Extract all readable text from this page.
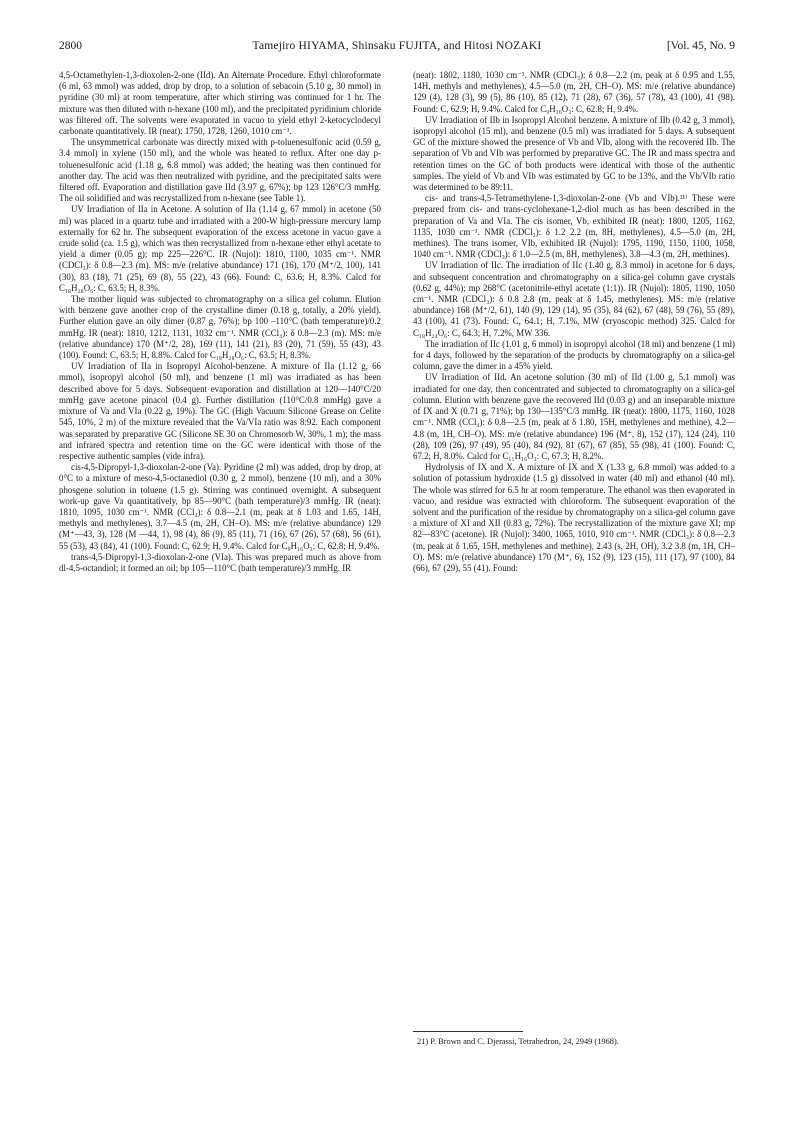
2800	Tamejiro HIYAMA, Shinsaku FUJITA, and Hitosi NOZAKI	[Vol. 45, No. 9

4,5-Octamethylen-1,3-dioxolen-2-one (IId). An Alternate Procedure. Ethyl chloroformate (6 ml, 63 mmol) was added, drop by drop, to a solution of sebacoin (5.10 g, 30 mmol) in pyridine (30 ml) at room temperature, after which stirring was continued for 1 hr. The mixture was then diluted with n-hexane (100 ml), and the precipitated pyridinium chloride was filtered off. The solvents were evaporated in vacuo to yield ethyl 2-ketocyclodecyl carbonate quantitatively. IR (neat): 1750, 1728, 1260, 1010 cm⁻¹.

The unsymmetrical carbonate was directly mixed with p-toluenesulfonic acid (0.59 g, 3.4 mmol) in xylene (150 ml), and the whole was heated to reflux. After one day p-toluenesulfonic acid (1.18 g, 6.8 mmol) was added; the heating was then continued for another day. The acid was then neutralized with pyridine, and the precipitated salts were filtered off. Evaporation and distillation gave IId (3.97 g, 67%); bp 123 126°C/3 mmHg. The oil solidified and was recrystallized from n-hexane (see Table 1).

UV Irradiation of IIa in Acetone. A solution of IIa (1.14 g, 67 mmol) in acetone (50 ml) was placed in a quartz tube and irradiated with a 200-W high-pressure mercury lamp externally for 62 hr. The subsequent evaporation of the excess acetone in vacuo gave a crude solid (ca. 1.5 g), which was then recrystallized from n-hexane ether ethyl acetate to yield a dimer (0.05 g); mp 225—226°C. IR (Nujol): 1810, 1100, 1035 cm⁻¹. NMR (CDCl₃): δ 0.8—2.3 (m). MS: m/e (relative abundance) 171 (16), 170 (M⁺/2, 100), 141 (30), 83 (18), 71 (25), 69 (8), 55 (22), 43 (66). Found: C, 63.6; H, 8.3%. Calcd for C₁₈H₂₈O₆: C, 63.5; H, 8.3%.

The mother liquid was subjected to chromatography on a silica gel column. Elution with benzene gave another crop of the crystalline dimer (0.18 g, totally, a 20% yield). Further elution gave an oily dimer (0.87 g, 76%); bp 100 –110°C (bath temperature)/0.2 mmHg. IR (neat): 1810, 1212, 1131, 1032 cm⁻¹. NMR (CCl₄): δ 0.8—2.3 (m). MS: m/e (relative abundance) 170 (M⁺/2, 28), 169 (11), 141 (21), 83 (20), 71 (59), 55 (43), 43 (100). Found: C, 63.5; H, 8.8%. Calcd for C₁₈H₂₈O₆: C, 63.5; H, 8.3%.

UV Irradiation of IIa in Isopropyl Alcohol-benzene. A mixture of IIa (1.12 g, 66 mmol), isopropyl alcohol (50 ml), and benzene (1 ml) was irradiated as has been described above for 5 days. Subsequent evaporation and distillation at 120—140°C/20 mmHg gave acetone pinacol (0.4 g). Further distillation (110°C/0.8 mmHg) gave a mixture of Va and VIa (0.22 g, 19%). The GC (High Vacuum Silicone Grease on Celite 545, 10%, 2 m) of the mixture revealed that the Va/VIa ratio was 8:92. Each component was separated by preparative GC (Silicone SE 30 on Chromosorb W, 30%, 1 m); the mass and infrared spectra and retention time on the GC were identical with those of the respective authentic samples (vide infra).

cis-4,5-Dipropyl-1,3-dioxolan-2-one (Va). Pyridine (2 ml) was added, drop by drop, at 0°C to a mixture of meso-4,5-octanediol (0.30 g, 2 mmol), benzene (10 ml), and a 30% phosgene solution in toluene (1.5 g). Stirring was continued overnight. A subsequent work-up gave Va quantitatively, bp 85—90°C (bath temperature)/3 mmHg. IR (neat): 1810, 1095, 1030 cm⁻¹. NMR (CCl₄): δ 0.8—2.1 (m, peak at δ 1.03 and 1.65, 14H, methyls and methylenes), 3.7—4.5 (m, 2H, CH–O). MS: m/e (relative abundance) 129 (M⁺—43, 3), 128 (M —44, 1), 98 (4), 86 (9), 85 (11), 71 (16), 67 (26), 57 (68), 56 (61), 55 (53), 43 (84), 41 (100). Found: C, 62.9; H, 9.4%. Calcd for C₉H₁₆O₃: C, 62.8; H, 9.4%.

trans-4,5-Dipropyl-1,3-dioxolan-2-one (VIa). This was prepared much as above from dl-4,5-octandiol; it formed an oil; bp 105—110°C (bath temperature)/3 mmHg. IR

(neat): 1802, 1180, 1030 cm⁻¹. NMR (CDCl₃): δ 0.8—2.2 (m, peak at δ 0.95 and 1.55, 14H, methyls and methylenes), 4.5—5.0 (m, 2H, CH–O). MS: m/e (relative abundance) 129 (4), 128 (3), 99 (5), 86 (10), 85 (12), 71 (28), 67 (36), 57 (78), 43 (100), 41 (98). Found: C, 62.9; H, 9.4%. Calcd for C₉H₁₆O₃: C, 62.8; H, 9.4%.

UV Irradiation of IIb in Isopropyl Alcohol benzene. A mixture of IIb (0.42 g, 3 mmol), isopropyl alcohol (15 ml), and benzene (0.5 ml) was irradiated for 5 days. A subsequent GC of the mixture showed the presence of Vb and VIb, along with the recovered IIb. The separation of Vb and VIb was performed by preparative GC. The IR and mass spectra and retention times on the GC of both products were identical with those of the authentic samples. The yield of Vb and VIb was estimated by GC to be 13%, and the Vb/VIb ratio was determined to be 89:11.

cis- and trans-4,5-Tetramethylene-1,3-dioxolan-2-one (Vb and VIb).²¹⁾ These were prepared from cis- and trans-cyclohexane-1,2-diol much as has been described in the preparation of Va and VIa. The cis isomer, Vb, exhibited IR (neat): 1800, 1205, 1162, 1135, 1030 cm⁻¹. NMR (CDCl₃): δ 1.2 2.2 (m, 8H, methylenes), 4.5—5.0 (m, 2H, methines). The trans isomer, VIb, exhibited IR (Nujol): 1795, 1190, 1150, 1100, 1058, 1040 cm⁻¹. NMR (CDCl₃): δ 1.0—2.5 (m, 8H, methylenes), 3.8—4.3 (m, 2H, methines).

UV Irradiation of IIc. The irradiation of IIc (1.40 g, 8.3 mmol) in acetone for 6 days, and subsequent concentration and chromatography on a silica-gel column gave crystals (0.62 g, 44%); mp 268°C (acetonitrile-ethyl acetate (1:1)). IR (Nujol): 1805, 1190, 1050 cm⁻¹. NMR (CDCl₃): δ 0.8 2.8 (m, peak at δ 1.45, methylenes). MS: m/e (relative abundance) 168 (M⁺/2, 61), 140 (9), 129 (14), 95 (35), 84 (62), 67 (48), 59 (76), 55 (89), 43 (100), 41 (73). Found: C, 64.1; H, 7.1%, MW (cryoscopic method) 325. Calcd for C₁₈H₂₄O₆: C, 64.3; H, 7.2%, MW 336.

The irradiation of IIc (1.01 g, 6 mmol) in isopropyl alcohol (18 ml) and benzene (1 ml) for 4 days, followed by the separation of the products by chromatography on a silica-gel column, gave the dimer in a 45% yield.

UV Irradiation of IId. An acetone solution (30 ml) of IId (1.00 g, 5.1 mmol) was irradiated for one day, then concentrated and subjected to chromatography on a silica-gel column. Elution with benzene gave the recovered IId (0.03 g) and an inseparable mixture of IX and X (0.71 g, 71%); bp 130—135°C/3 mmHg. IR (neat): 1800, 1175, 1160, 1028 cm⁻¹. NMR (CCl₄): δ 0.8—2.5 (m, peak at δ 1.80, 15H, methylenes and methine), 4.2—4.8 (m, 1H, CH–O). MS: m/e (relative abundance) 196 (M⁺, 8), 152 (17), 124 (24), 110 (28), 109 (26), 97 (49), 95 (40), 84 (92), 81 (67), 67 (85), 55 (98), 41 (100). Found: C, 67.2; H, 8.0%. Calcd for C₁₁H₁₆O₃: C, 67.3; H, 8.2%.

Hydrolysis of IX and X. A mixture of IX and X (1.33 g, 6.8 mmol) was added to a solution of potassium hydroxide (1.5 g) dissolved in water (40 ml) and ethanol (40 ml). The whole was stirred for 6.5 hr at room temperature. The ethanol was then evaporated in vacuo, and residue was extracted with chloroform. The subsequent evaporation of the solvent and the purification of the residue by chromatography on a silica-gel column gave a mixture of XI and XII (0.83 g, 72%). The recrystallization of the mixture gave XI; mp 82—83°C (acetone). IR (Nujol): 3400, 1065, 1010, 910 cm⁻¹. NMR (CDCl₃): δ 0.8—2.3 (m, peak at δ 1.65, 15H, methylenes and methine), 2.43 (s, 2H, OH), 3.2 3.8 (m, 1H, CH–O). MS: m/e (relative abundance) 170 (M⁺, 6), 152 (9), 123 (15), 111 (17), 97 (100), 84 (66), 67 (29), 55 (41). Found:

21) P. Brown and C. Djerassi, Tetrahedron, 24, 2949 (1968).
